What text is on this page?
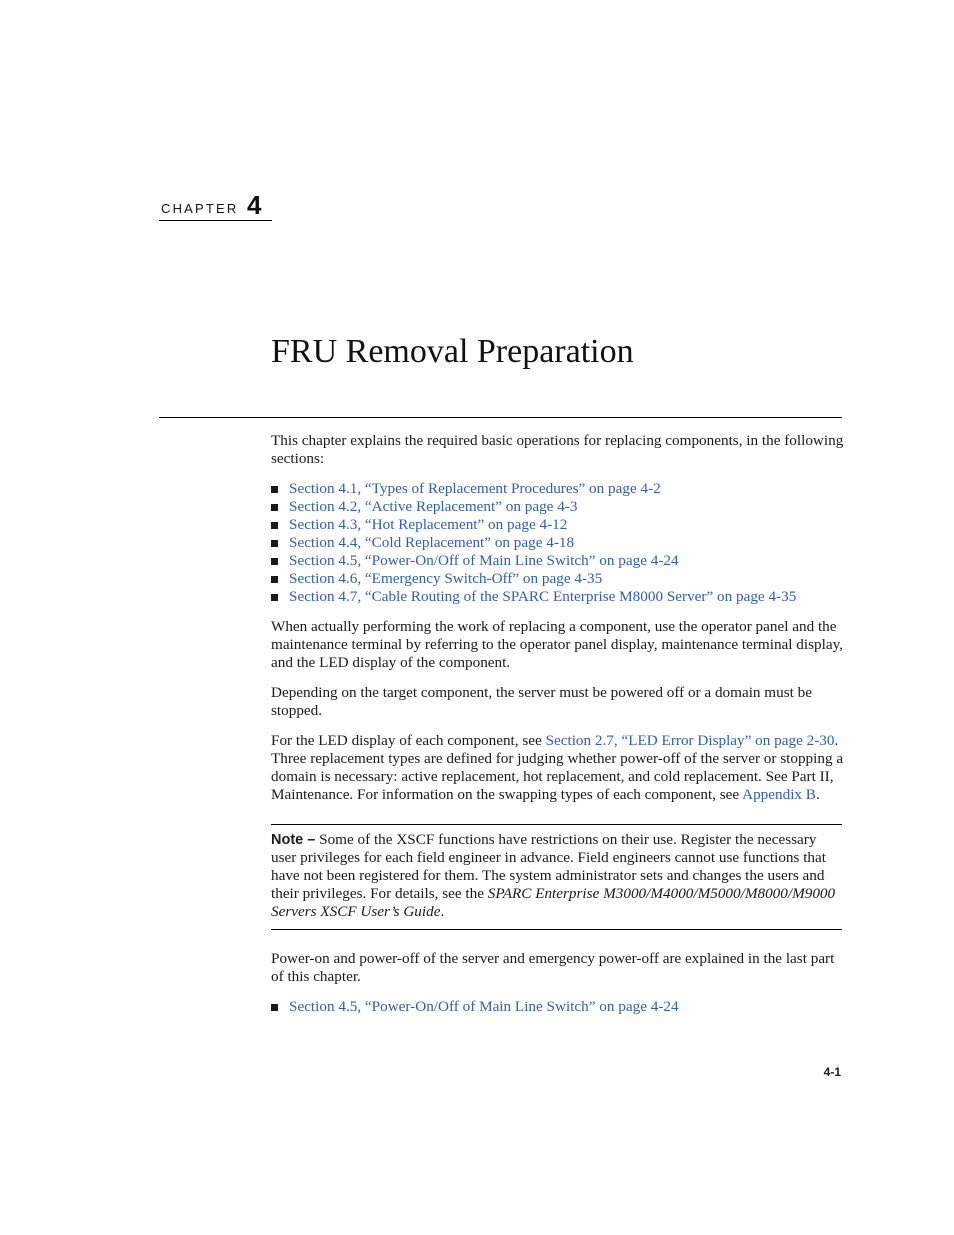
CHAPTER 4
FRU Removal Preparation

This chapter explains the required basic operations for replacing components, in the following sections:

Section 4.1, “Types of Replacement Procedures” on page 4-2
Section 4.2, “Active Replacement” on page 4-3
Section 4.3, “Hot Replacement” on page 4-12
Section 4.4, “Cold Replacement” on page 4-18
Section 4.5, “Power-On/Off of Main Line Switch” on page 4-24
Section 4.6, “Emergency Switch-Off” on page 4-35
Section 4.7, “Cable Routing of the SPARC Enterprise M8000 Server” on page 4-35

When actually performing the work of replacing a component, use the operator panel and the maintenance terminal by referring to the operator panel display, maintenance terminal display, and the LED display of the component.

Depending on the target component, the server must be powered off or a domain must be stopped.

For the LED display of each component, see Section 2.7, “LED Error Display” on page 2-30. Three replacement types are defined for judging whether power-off of the server or stopping a domain is necessary: active replacement, hot replacement, and cold replacement. See Part II, Maintenance. For information on the swapping types of each component, see Appendix B.

Note – Some of the XSCF functions have restrictions on their use. Register the necessary user privileges for each field engineer in advance. Field engineers cannot use functions that have not been registered for them. The system administrator sets and changes the users and their privileges. For details, see the SPARC Enterprise M3000/M4000/M5000/M8000/M9000 Servers XSCF User’s Guide.

Power-on and power-off of the server and emergency power-off are explained in the last part of this chapter.

Section 4.5, “Power-On/Off of Main Line Switch” on page 4-24
4-1
